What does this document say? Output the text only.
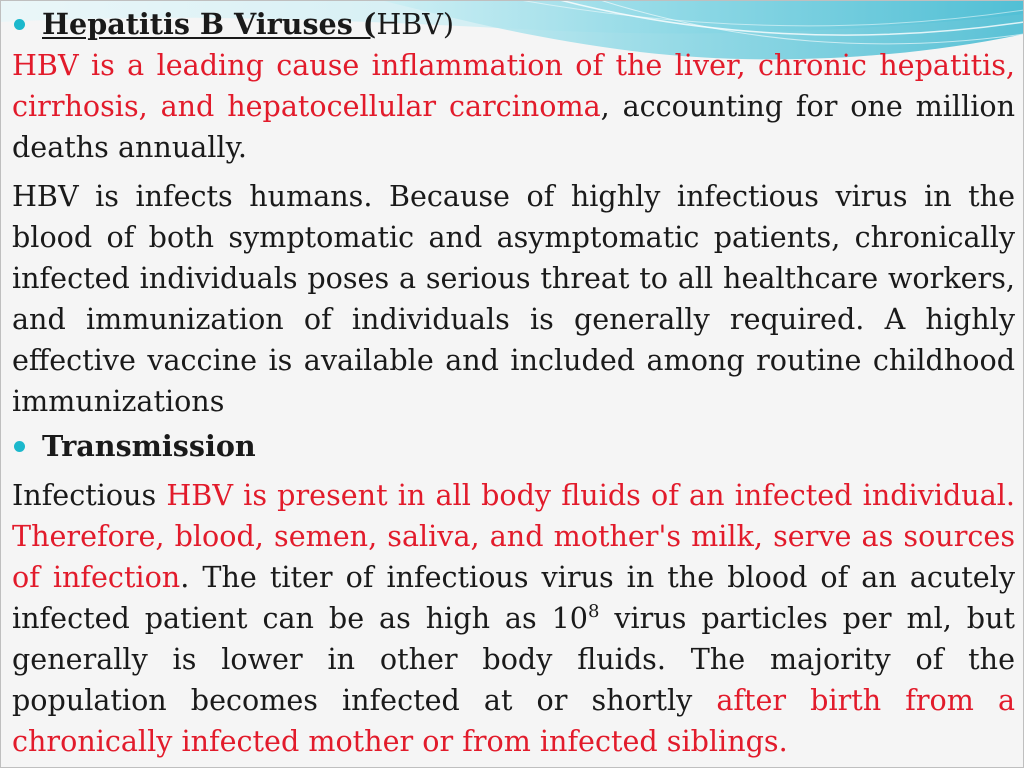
Hepatitis B Viruses (HBV)

HBV is a leading cause inflammation of the liver, chronic hepatitis, cirrhosis, and hepatocellular carcinoma, accounting for one million deaths annually.

HBV is infects humans. Because of highly infectious virus in the blood of both symptomatic and asymptomatic patients, chronically infected individuals poses a serious threat to all healthcare workers, and immunization of individuals is generally required. A highly effective vaccine is available and included among routine childhood immunizations

Transmission

Infectious HBV is present in all body fluids of an infected individual. Therefore, blood, semen, saliva, and mother's milk, serve as sources of infection. The titer of infectious virus in the blood of an acutely infected patient can be as high as $10^8$ virus particles per ml, but generally is lower in other body fluids. The majority of the population becomes infected at or shortly after birth from a chronically infected mother or from infected siblings.
